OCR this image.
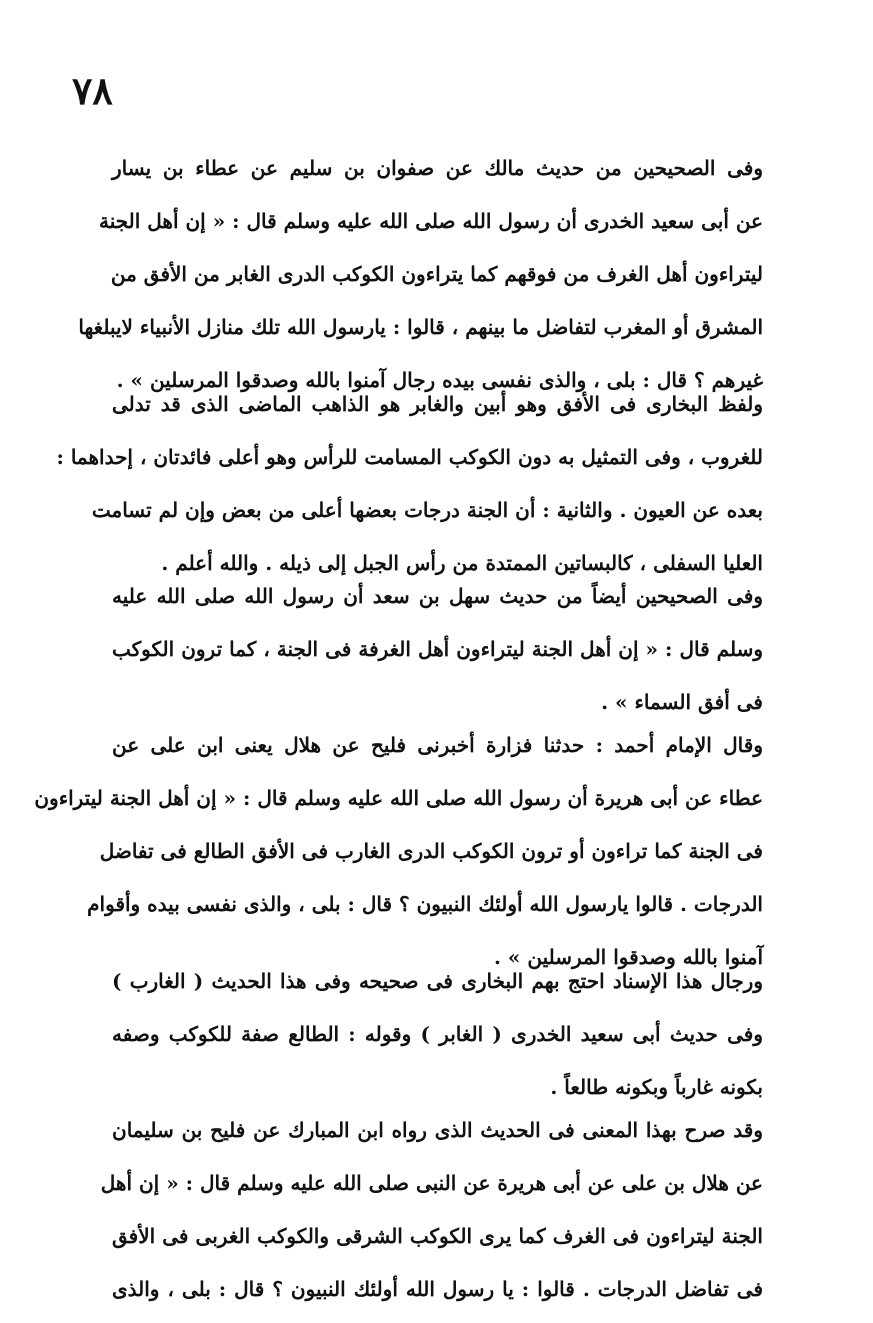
٧٨
وفى الصحيحين من حديث مالك عن صفوان بن سليم عن عطاء بن يسار
عن أبى سعيد الخدرى أن رسول الله صلى الله عليه وسلم قال : « إن أهل الجنة
ليتراءون أهل الغرف من فوقهم كما يتراءون الكوكب الدرى الغابر من الأفق من
المشرق أو المغرب لتفاضل ما بينهم ، قالوا : يارسول الله تلك منازل الأنبياء لايبلغها
غيرهم ؟ قال : بلى ، والذى نفسى بيده رجال آمنوا بالله وصدقوا المرسلين » .
ولفظ البخارى فى الأفق وهو أبين والغابر هو الذاهب الماضى الذى قد تدلى
للغروب ، وفى التمثيل به دون الكوكب المسامت للرأس وهو أعلى فائدتان ، إحداهما :
بعده عن العيون . والثانية : أن الجنة درجات بعضها أعلى من بعض وإن لم تسامت
العليا السفلى ، كالبساتين الممتدة من رأس الجبل إلى ذيله . والله أعلم .
وفى الصحيحين أيضاً من حديث سهل بن سعد أن رسول الله صلى الله عليه
وسلم قال : « إن أهل الجنة ليتراءون أهل الغرفة فى الجنة ، كما ترون الكوكب
فى أفق السماء » .
وقال الإمام أحمد : حدثنا فزارة أخبرنى فليح عن هلال يعنى ابن على عن
عطاء عن أبى هريرة أن رسول الله صلى الله عليه وسلم قال : « إن أهل الجنة ليتراءون
فى الجنة كما تراءون أو ترون الكوكب الدرى الغارب فى الأفق الطالع فى تفاضل
الدرجات . قالوا يارسول الله أولئك النبيون ؟ قال : بلى ، والذى نفسى بيده وأقوام
آمنوا بالله وصدقوا المرسلين » .
ورجال هذا الإسناد احتج بهم البخارى فى صحيحه وفى هذا الحديث ( الغارب )
وفى حديث أبى سعيد الخدرى ( الغابر ) وقوله : الطالع صفة للكوكب وصفه
بكونه غارباً وبكونه طالعاً .
وقد صرح بهذا المعنى فى الحديث الذى رواه ابن المبارك عن فليح بن سليمان
عن هلال بن على عن أبى هريرة عن النبى صلى الله عليه وسلم قال : « إن أهل
الجنة ليتراءون فى الغرف كما يرى الكوكب الشرقى والكوكب الغربى فى الأفق
فى تفاضل الدرجات . قالوا : يا رسول الله أولئك النبيون ؟ قال : بلى ، والذى
